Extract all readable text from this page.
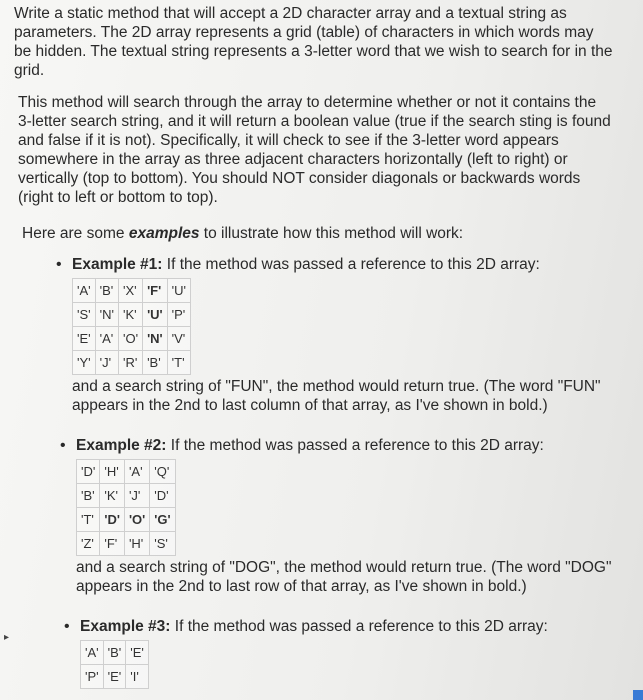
Write a static method that will accept a 2D character array and a textual string as parameters. The 2D array represents a grid (table) of characters in which words may be hidden. The textual string represents a 3-letter word that we wish to search for in the grid.
This method will search through the array to determine whether or not it contains the 3-letter search string, and it will return a boolean value (true if the search sting is found and false if it is not). Specifically, it will check to see if the 3-letter word appears somewhere in the array as three adjacent characters horizontally (left to right) or vertically (top to bottom). You should NOT consider diagonals or backwards words (right to left or bottom to top).
Here are some examples to illustrate how this method will work:
• Example #1: If the method was passed a reference to this 2D array:
'A'	'B'	'X'	'F'	'U'
'S'	'N'	'K'	'U'	'P'
'E'	'A'	'O'	'N'	'V'
'Y'	'J'	'R'	'B'	'T'
and a search string of "FUN", the method would return true. (The word "FUN" appears in the 2nd to last column of that array, as I've shown in bold.)
• Example #2: If the method was passed a reference to this 2D array:
'D'	'H'	'A'	'Q'
'B'	'K'	'J'	'D'
'T'	'D'	'O'	'G'
'Z'	'F'	'H'	'S'
and a search string of "DOG", the method would return true. (The word "DOG" appears in the 2nd to last row of that array, as I've shown in bold.)
• Example #3: If the method was passed a reference to this 2D array:
'A'	'B'	'E'
'P'	'E'	'I'
▸
